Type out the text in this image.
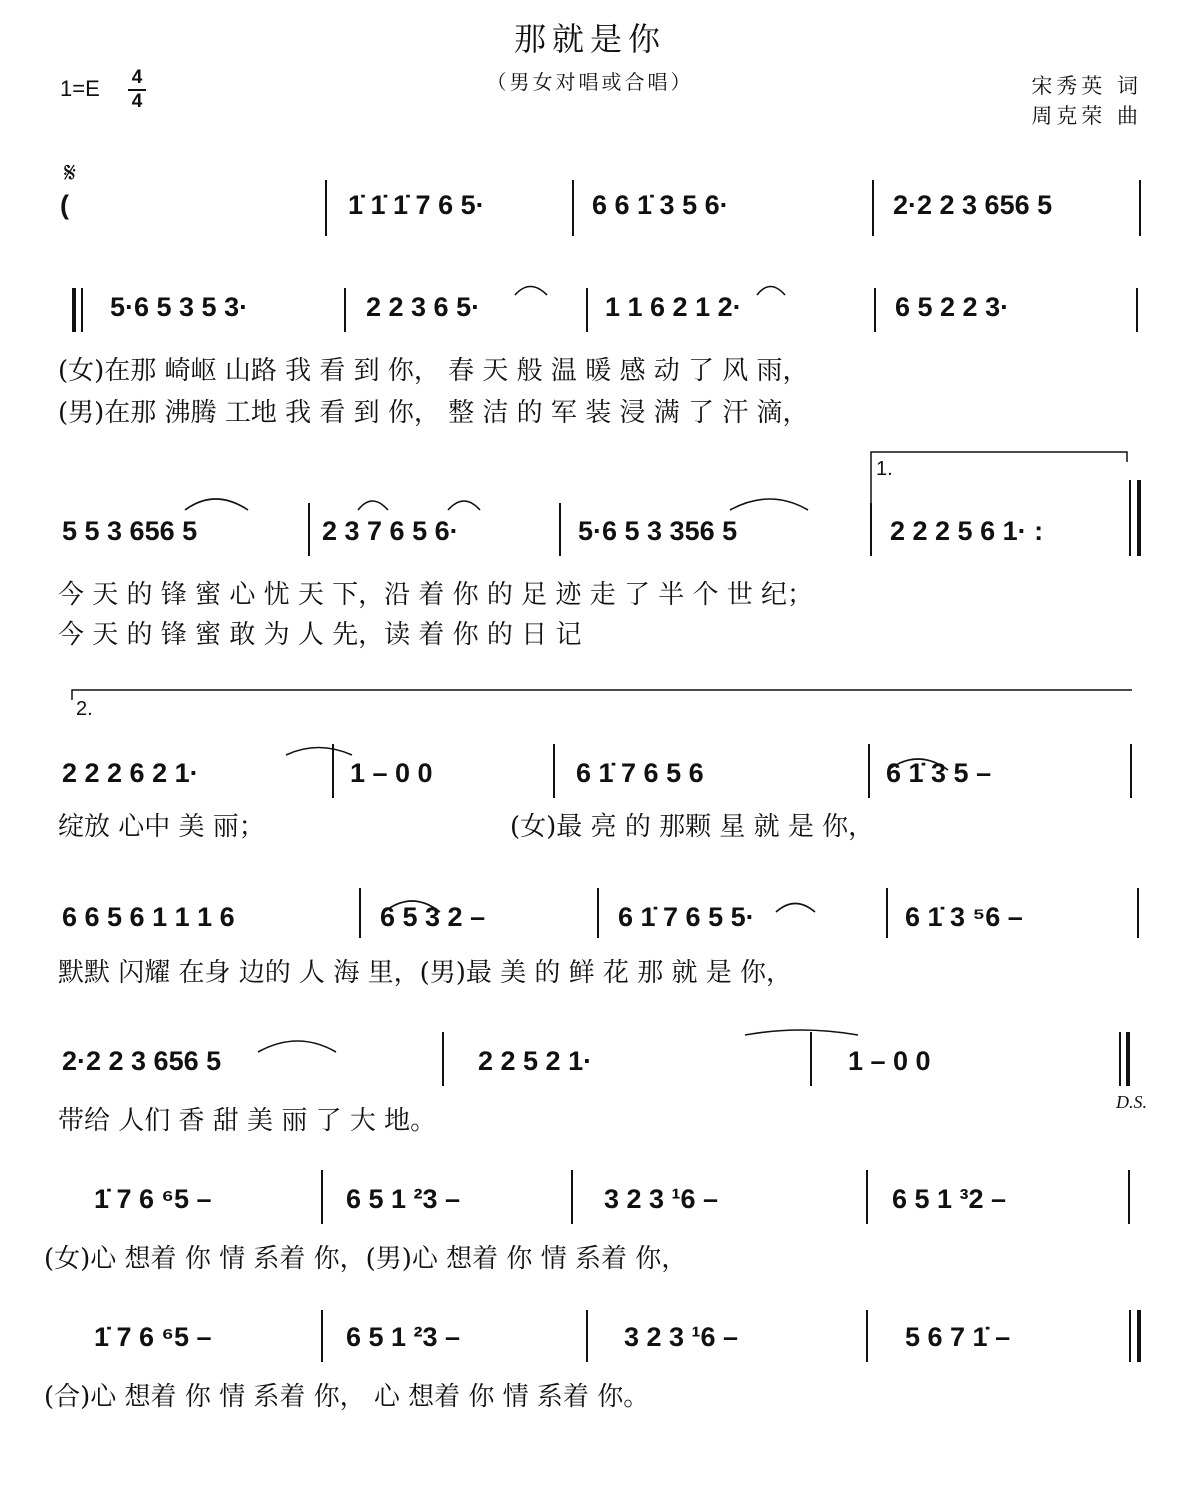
那就是你
（男女对唱或合唱）
1=E 4
4
宋秀英 词
周克荣 曲
𝄋
(	1̇ 1̇ 1̇ 7 6 5·	6 6 1̇ 3 5 6·	2·2 2 3 656 5
5·6 5 3 5 3·	2 2 3 6 5·	1 1 6 2 1 2·	6 5 2 2 3·
(女)在那 崎岖 山路 我 看 到 你， 春 天 般 温 暖 感 动 了 风 雨，
(男)在那 沸腾 工地 我 看 到 你， 整 洁 的 军 装 浸 满 了 汗 滴，
1.
5 5 3 656 5	2 3 7 6 5 6·	5·6 5 3 356 5	2 2 2 5 6 1· :
今 天 的 锋 蜜 心 忧 天 下，沿 着 你 的 足 迹 走 了 半 个 世 纪；
今 天 的 锋 蜜 敢 为 人 先，读 着 你 的 日 记
2.
2 2 2 6 2 1·	1 – 0 0	6 1̇ 7 6 5 6	6 1̇ 3 5 –
绽放 心中 美 丽；	(女)最 亮 的 那颗 星 就 是 你，
6 6 5 6 1 1 1 6	6 5 3 2 –	6 1̇ 7 6 5 5·	6 1̇ 3 ⁵6 –
默默 闪耀 在身 边的 人 海 里，(男)最 美 的 鲜 花 那 就 是 你，
2·2 2 3 656 5	2 2 5 2 1·	1 – 0 0
带给 人们 香 甜 美 丽 了 大 地。
D.S.
1̇ 7 6 ⁶5 –	6 5 1 ²3 –	3 2 3 ¹6 –	6 5 1 ³2 –
(女)心 想着 你 情 系着 你，(男)心 想着 你 情 系着 你，
1̇ 7 6 ⁶5 –	6 5 1 ²3 –	3 2 3 ¹6 –	5 6 7 1̇ –
(合)心 想着 你 情 系着 你， 心 想着 你 情 系着 你。
